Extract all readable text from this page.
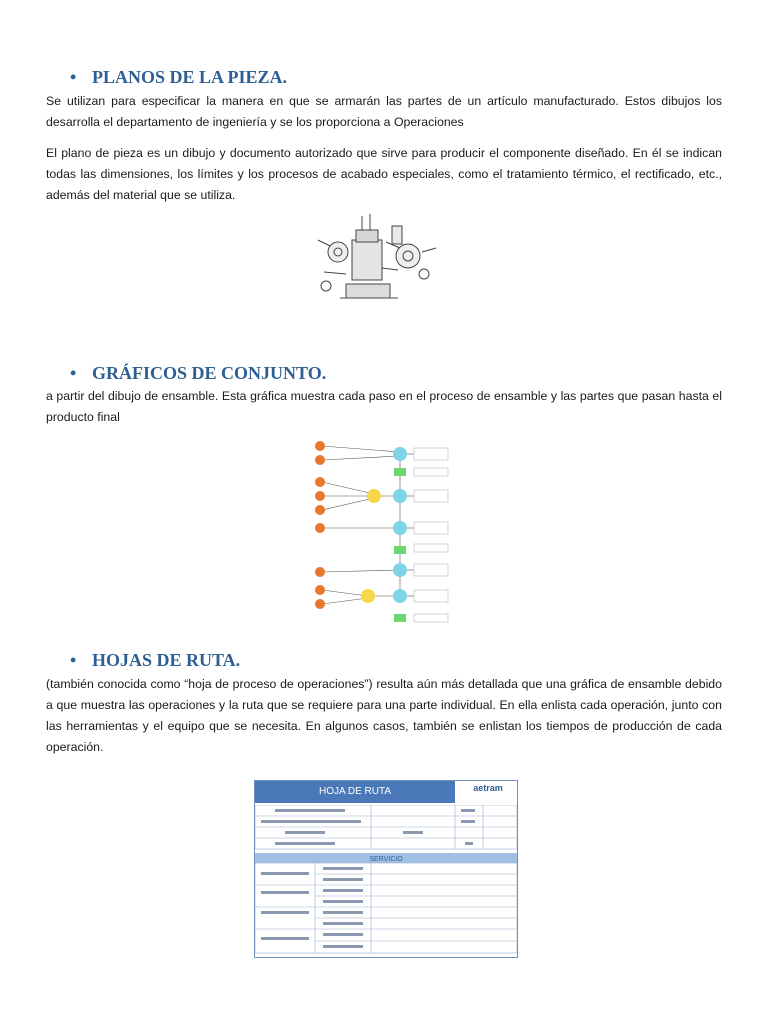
• PLANOS DE LA PIEZA.

Se utilizan para especificar la manera en que se armarán las partes de un artículo manufacturado. Estos dibujos los desarrolla el departamento de ingeniería y se los proporciona a Operaciones

El plano de pieza es un dibujo y documento autorizado que sirve para producir el componente diseñado. En él se indican todas las dimensiones, los límites y los procesos de acabado especiales, como el tratamiento térmico, el rectificado, etc., además del material que se utiliza.

• GRÁFICOS DE CONJUNTO.

a partir del dibujo de ensamble. Esta gráfica muestra cada paso en el proceso de ensamble y las partes que pasan hasta el producto final

• HOJAS DE RUTA.

(también conocida como “hoja de proceso de operaciones”) resulta aún más detallada que una gráfica de ensamble debido a que muestra las operaciones y la ruta que se requiere para una parte individual. En ella enlista cada operación, junto con las herramientas y el equipo que se necesita. En algunos casos, también se enlistan los tiempos de producción de cada operación.

HOJA DE RUTA	aetram
SERVICIO
